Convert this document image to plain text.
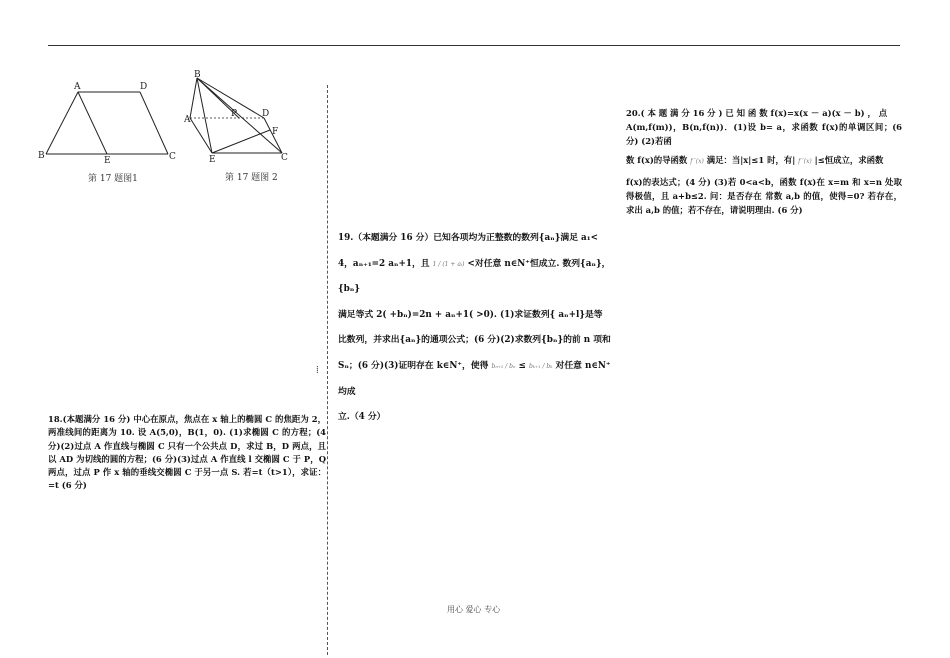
⁞
A	D
B	E	C
第 17 题图1
B
A
P	D
F
E	C
第 17 题图 2

18.(本题满分 16 分) 中心在原点，焦点在 x 轴上的椭圆 C 的焦距为 2，两准线间的距离为 10. 设 A(5,0)，B(1，0). (1)求椭圆 C 的方程；(4 分)(2)过点 A 作直线与椭圆 C 只有一个公共点 D，求过 B，D 两点，且以 AD 为切线的圆的方程；(6 分)(3)过点 A 作直线 l 交椭圆 C 于 P，Q 两点，过点 P 作 x 轴的垂线交椭圆 C 于另一点 S. 若=t（t>1），求证：=t (6 分)

19.（本题满分 16 分）已知各项均为正整数的数列{aₙ}满足 a₁<

4，aₙ₊₁=2 aₙ+1，且 1 / (1 + aᵢ) <对任意 n∈N⁺恒成立. 数列{aₙ}，{bₙ}

满足等式 2( +bₙ)=2n + aₙ+1( >0). (1)求证数列{ aₙ+l}是等

比数列，并求出{aₙ}的通项公式；(6 分)(2)求数列{bₙ}的前 n 项和

Sₙ；(6 分)(3)证明存在 k∈N⁺，使得 bₙ₊₁ / bₙ ≤ bₖ₊₁ / bₖ 对任意 n∈N⁺均成

立.（4 分）

20.( 本 题 满 分 16 分 ) 已 知 函 数 f(x)=x(x － a)(x － b) ， 点

A(m,f(m))，B(n,f(n))．(1)设 b= a，求函数 f(x)的单调区间；(6 分) (2)若函

数 f(x)的导函数 f ′(x) 满足：当|x|≤1 时，有| f ′(x) |≤恒成立，求函数

f(x)的表达式；(4 分) (3)若 0<a<b，函数 f(x)在 x=m 和 x=n 处取得极值，且 a+b≤2. 问：是否存在 常数 a,b 的值，使得=0? 若存在，求出 a,b 的值；若不存在，请说明理由. (6 分)

用心 爱心 专心
